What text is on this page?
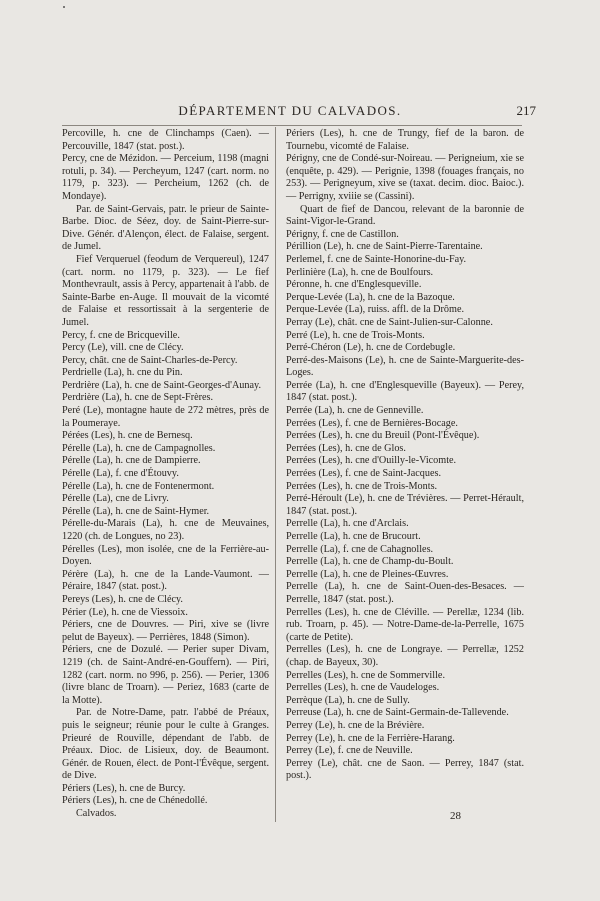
DÉPARTEMENT DU CALVADOS.	217

Percoville, h. cne de Clinchamps (Caen). — Percouville, 1847 (stat. post.).

Percy, cne de Mézidon. — Perceium, 1198 (magni rotuli, p. 34). — Percheyum, 1247 (cart. norm. no 1179, p. 323). — Percheium, 1262 (ch. de Mondaye).

Par. de Saint-Gervais, patr. le prieur de Sainte-Barbe. Dioc. de Séez, doy. de Saint-Pierre-sur-Dive. Génér. d'Alençon, élect. de Falaise, sergent. de Jumel.

Fief Verqueruel (feodum de Verquereul), 1247 (cart. norm. no 1179, p. 323). — Le fief Monthevrault, assis à Percy, appartenait à l'abb. de Sainte-Barbe en-Auge. Il mouvait de la vicomté de Falaise et ressortissait à la sergenterie de Jumel.

Percy, f. cne de Bricqueville.

Percy (Le), vill. cne de Clécy.

Percy, chât. cne de Saint-Charles-de-Percy.

Perdrielle (La), h. cne du Pin.

Perdrière (La), h. cne de Saint-Georges-d'Aunay.

Perdrière (La), h. cne de Sept-Frères.

Peré (Le), montagne haute de 272 mètres, près de la Poumeraye.

Pérées (Les), h. cne de Bernesq.

Pérelle (La), h. cne de Campagnolles.

Pérelle (La), h. cne de Dampierre.

Pérelle (La), f. cne d'Étouvy.

Pérelle (La), h. cne de Fontenermont.

Pérelle (La), cne de Livry.

Pérelle (La), h. cne de Saint-Hymer.

Pérelle-du-Marais (La), h. cne de Meuvaines, 1220 (ch. de Longues, no 23).

Pérelles (Les), mon isolée, cne de la Ferrière-au-Doyen.

Pérère (La), h. cne de la Lande-Vaumont. — Péraire, 1847 (stat. post.).

Pereys (Les), h. cne de Clécy.

Périer (Le), h. cne de Viessoix.

Périers, cne de Douvres. — Piri, xive se (livre pelut de Bayeux). — Perrières, 1848 (Simon).

Périers, cne de Dozulé. — Perier super Divam, 1219 (ch. de Saint-André-en-Gouffern). — Piri, 1282 (cart. norm. no 996, p. 256). — Perier, 1306 (livre blanc de Troarn). — Periez, 1683 (carte de la Motte).

Par. de Notre-Dame, patr. l'abbé de Préaux, puis le seigneur; réunie pour le culte à Granges. Prieuré de Rouville, dépendant de l'abb. de Préaux. Dioc. de Lisieux, doy. de Beaumont. Génér. de Rouen, élect. de Pont-l'Évêque, sergent. de Dive.

Périers (Les), h. cne de Burcy.

Périers (Les), h. cne de Chénedollé.

Calvados.

Périers (Les), h. cne de Trungy, fief de la baron. de Tournebu, vicomté de Falaise.

Périgny, cne de Condé-sur-Noireau. — Perigneium, xie se (enquête, p. 429). — Perignie, 1398 (fouages français, no 253). — Perigneyum, xive se (taxat. decim. dioc. Baioc.). — Perrigny, xviiie se (Cassini).

Quart de fief de Dancou, relevant de la baronnie de Saint-Vigor-le-Grand.

Périgny, f. cne de Castillon.

Périllion (Le), h. cne de Saint-Pierre-Tarentaine.

Perlemel, f. cne de Sainte-Honorine-du-Fay.

Perlinière (La), h. cne de Boulfours.

Péronne, h. cne d'Englesqueville.

Perque-Levée (La), h. cne de la Bazoque.

Perque-Levée (La), ruiss. affl. de la Drôme.

Perray (Le), chât. cne de Saint-Julien-sur-Calonne.

Perré (Le), h. cne de Trois-Monts.

Perré-Chéron (Le), h. cne de Cordebugle.

Perré-des-Maisons (Le), h. cne de Sainte-Marguerite-des-Loges.

Perrée (La), h. cne d'Englesqueville (Bayeux). — Perey, 1847 (stat. post.).

Perrée (La), h. cne de Genneville.

Perrées (Les), f. cne de Bernières-Bocage.

Perrées (Les), h. cne du Breuil (Pont-l'Évêque).

Perrées (Les), h. cne de Glos.

Perrées (Les), h. cne d'Ouilly-le-Vicomte.

Perrées (Les), f. cne de Saint-Jacques.

Perrées (Les), h. cne de Trois-Monts.

Perré-Héroult (Le), h. cne de Trévières. — Perret-Hérault, 1847 (stat. post.).

Perrelle (La), h. cne d'Arclais.

Perrelle (La), h. cne de Brucourt.

Perrelle (La), f. cne de Cahagnolles.

Perrelle (La), h. cne de Champ-du-Boult.

Perrelle (La), h. cne de Pleines-Œuvres.

Perrelle (La), h. cne de Saint-Ouen-des-Besaces. — Perrelle, 1847 (stat. post.).

Perrelles (Les), h. cne de Cléville. — Perellæ, 1234 (lib. rub. Troarn, p. 45). — Notre-Dame-de-la-Perrelle, 1675 (carte de Petite).

Perrelles (Les), h. cne de Longraye. — Perrellæ, 1252 (chap. de Bayeux, 30).

Perrelles (Les), h. cne de Sommerville.

Perrelles (Les), h. cne de Vaudeloges.

Perrèque (La), h. cne de Sully.

Perreuse (La), h. cne de Saint-Germain-de-Tallevende.

Perrey (Le), h. cne de la Brévière.

Perrey (Le), h. cne de la Ferrière-Harang.

Perrey (Le), f. cne de Neuville.

Perrey (Le), chât. cne de Saon. — Perrey, 1847 (stat. post.).

28
